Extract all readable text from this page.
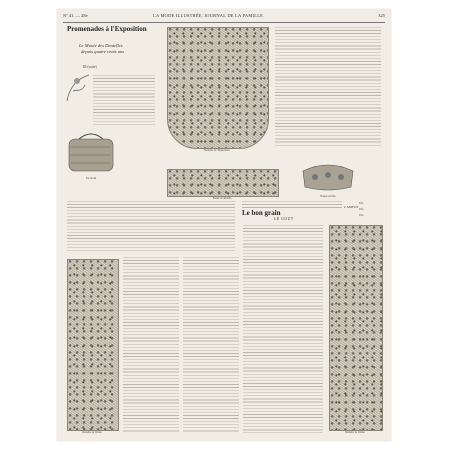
Nº 41. — 28e	LA MODE ILLUSTRÉE, JOURNAL DE LA FAMILLE.	325
Promenades à l'Exposition
Le Musée des Dentelles
depuis quatre cents ans
III (suite)
Dentelle de l'Impératrice
Sac brodé
Bande de dentelle
Bourse en filet
0 fr.
0 fr.
0 fr.
J. AMYOT
Le bon grain
LE GOUT
Dentelle de Venise	Dentelle de Venise
